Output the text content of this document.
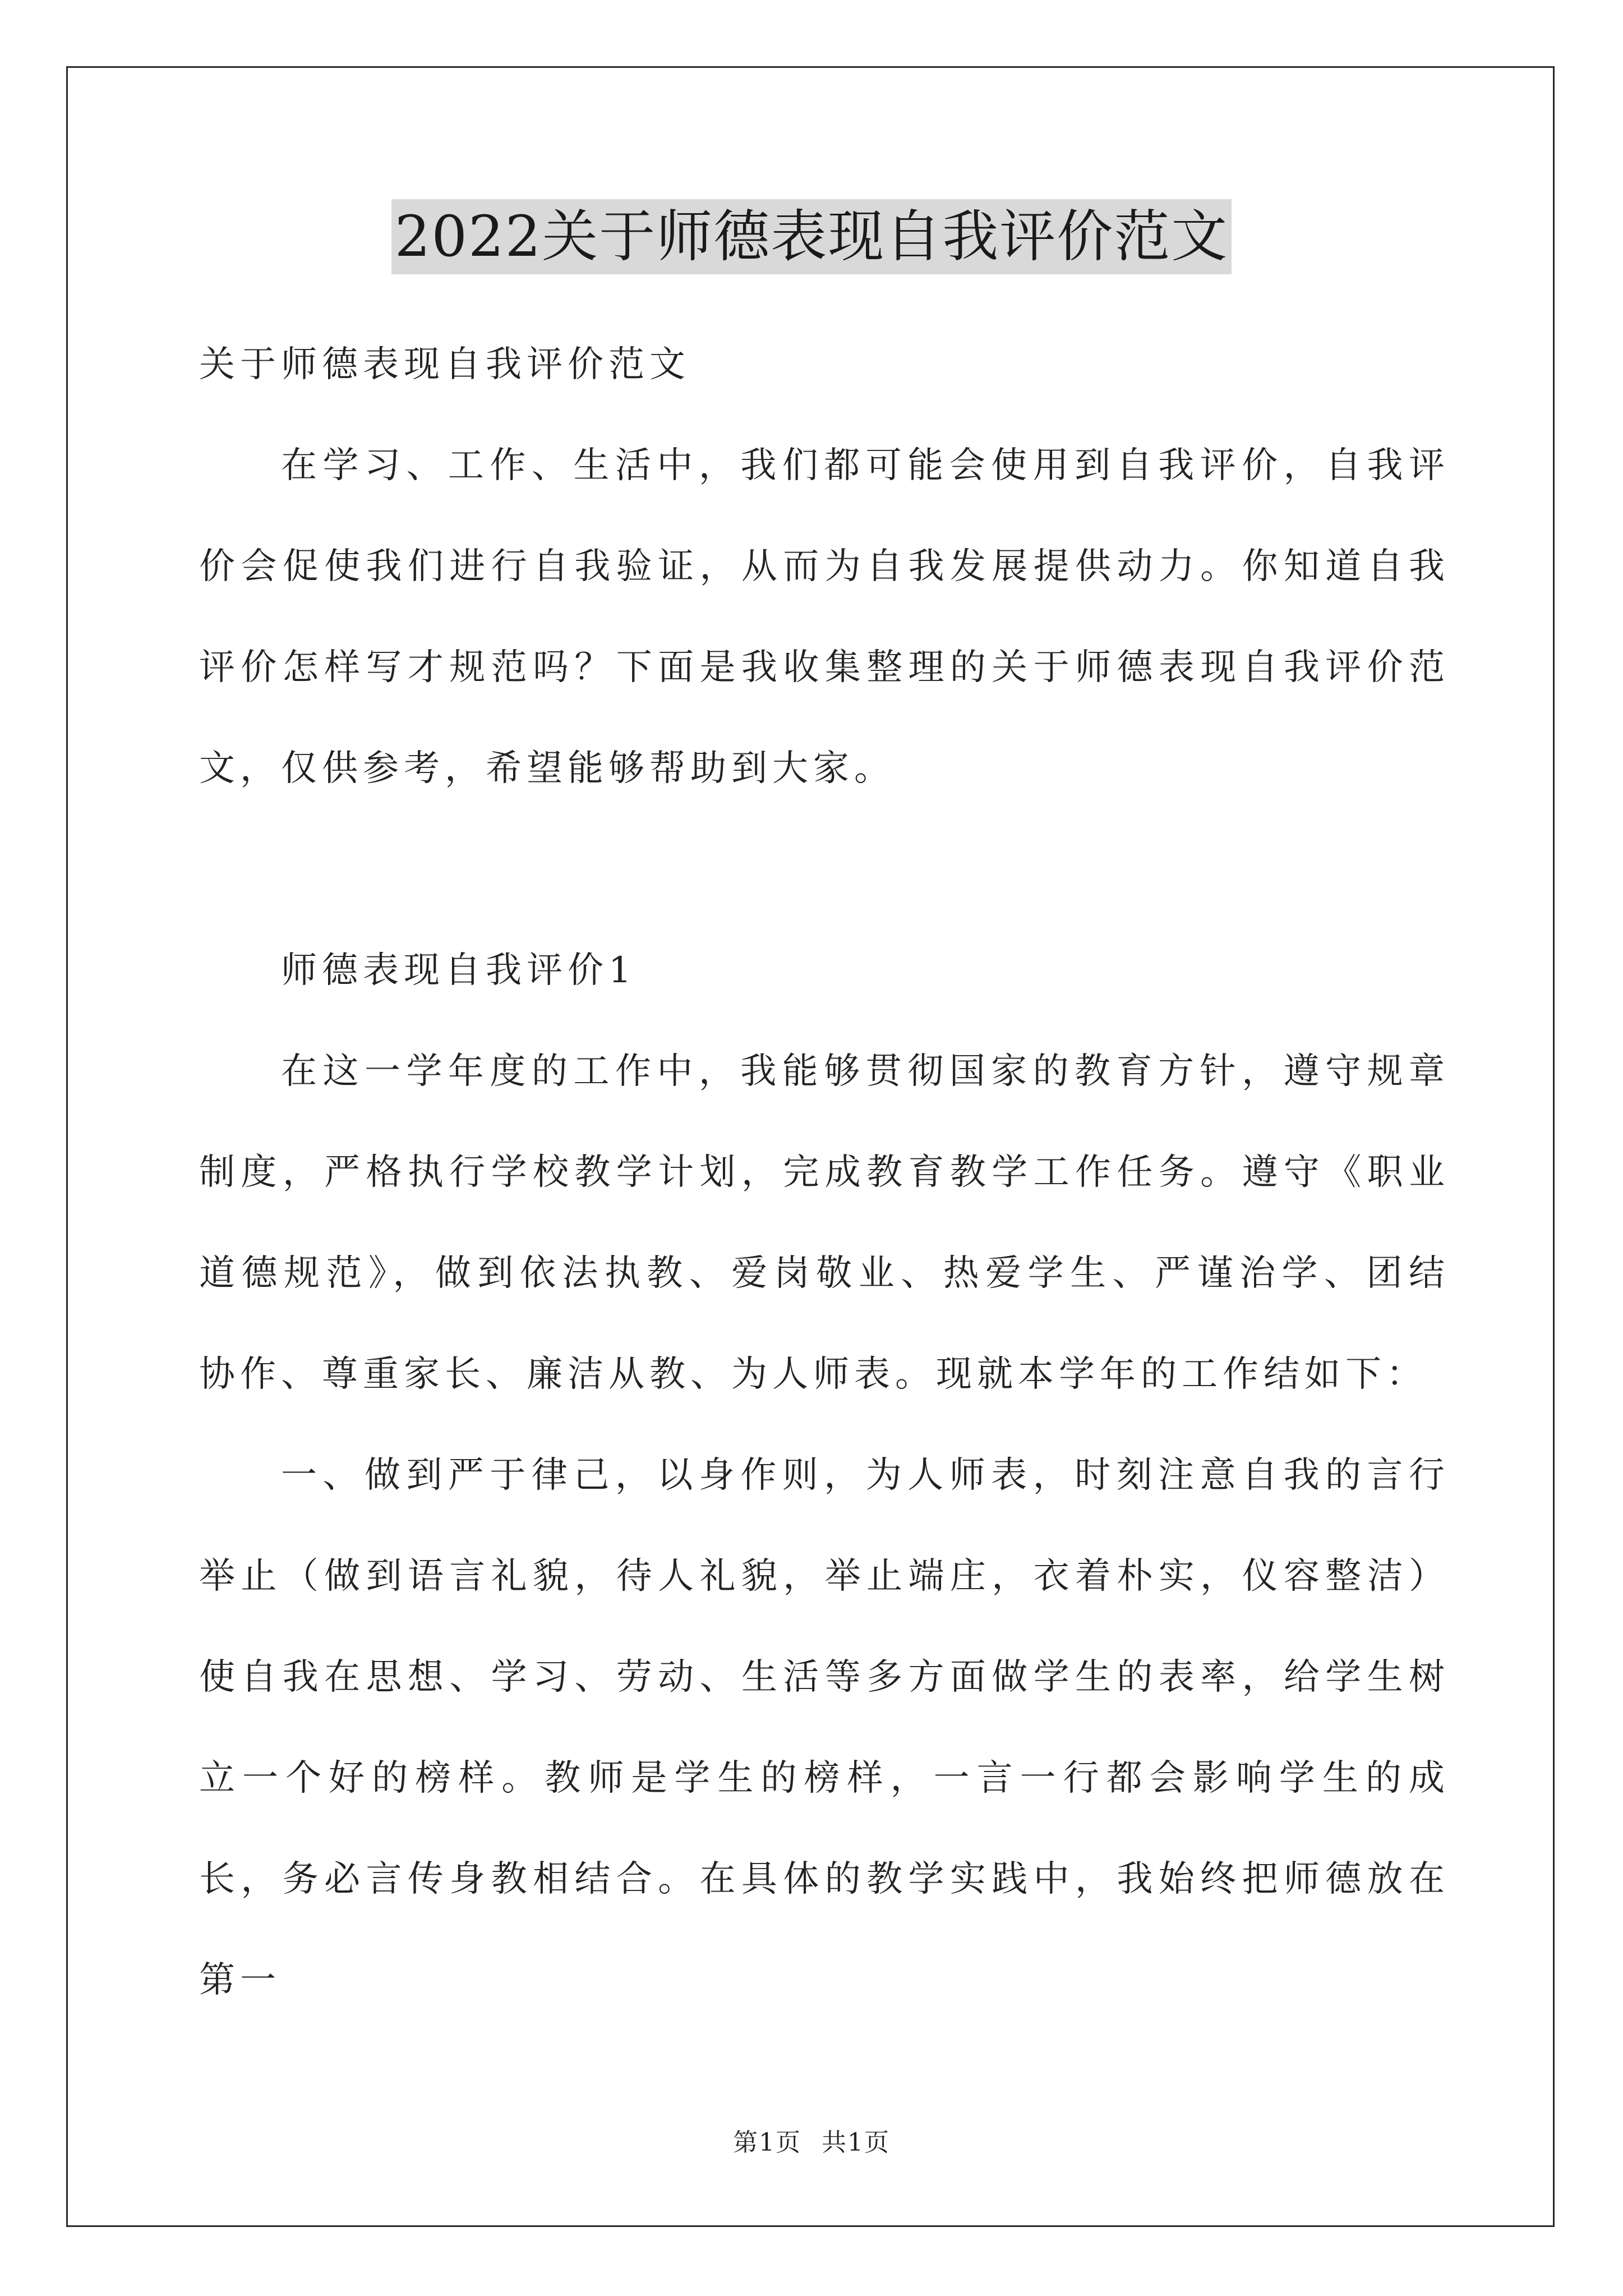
2022关于师德表现自我评价范文

关于师德表现自我评价范文

在学习、工作、生活中，我们都可能会使用到自我评价，自我评价会促使我们进行自我验证，从而为自我发展提供动力。你知道自我评价怎样写才规范吗？下面是我收集整理的关于师德表现自我评价范文，仅供参考，希望能够帮助到大家。

师德表现自我评价1

在这一学年度的工作中，我能够贯彻国家的教育方针，遵守规章制度，严格执行学校教学计划，完成教育教学工作任务。遵守《职业道德规范》，做到依法执教、爱岗敬业、热爱学生、严谨治学、团结协作、尊重家长、廉洁从教、为人师表。现就本学年的工作结如下：

一、做到严于律己，以身作则，为人师表，时刻注意自我的言行举止（做到语言礼貌，待人礼貌，举止端庄，衣着朴实，仪容整洁）使自我在思想、学习、劳动、生活等多方面做学生的表率，给学生树立一个好的榜样。教师是学生的榜样，一言一行都会影响学生的成长，务必言传身教相结合。在具体的教学实践中，我始终把师德放在第一

第1页 共1页
